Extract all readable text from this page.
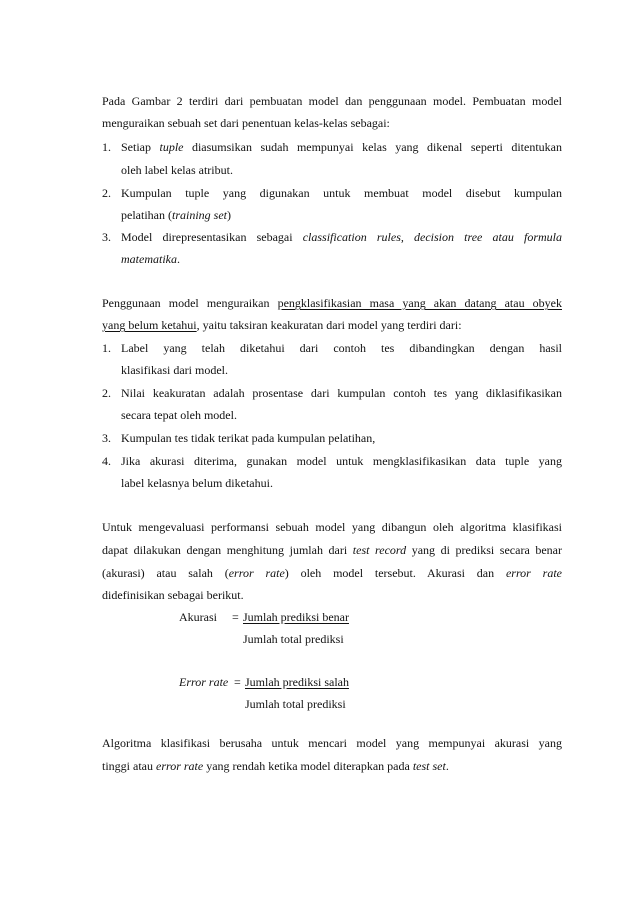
Pada Gambar 2 terdiri dari pembuatan model dan penggunaan model. Pembuatan model
menguraikan sebuah set dari penentuan kelas-kelas sebagai:
1. Setiap tuple diasumsikan sudah mempunyai kelas yang dikenal seperti ditentukan
oleh label kelas atribut.
2. Kumpulan tuple yang digunakan untuk membuat model disebut kumpulan
pelatihan (training set)
3. Model direpresentasikan sebagai classification rules, decision tree atau formula
matematika.
Penggunaan model menguraikan pengklasifikasian masa yang akan datang atau obyek
yang belum ketahui, yaitu taksiran keakuratan dari model yang terdiri dari:
1. Label yang telah diketahui dari contoh tes dibandingkan dengan hasil
klasifikasi dari model.
2. Nilai keakuratan adalah prosentase dari kumpulan contoh tes yang diklasifikasikan
secara tepat oleh model.
3. Kumpulan tes tidak terikat pada kumpulan pelatihan,
4. Jika akurasi diterima, gunakan model untuk mengklasifikasikan data tuple yang
label kelasnya belum diketahui.
Untuk mengevaluasi performansi sebuah model yang dibangun oleh algoritma klasifikasi
dapat dilakukan dengan menghitung jumlah dari test record yang di prediksi secara benar
(akurasi) atau salah (error rate) oleh model tersebut. Akurasi dan error rate
didefinisikan sebagai berikut.
Akurasi = Jumlah prediksi benar
Jumlah total prediksi
Error rate = Jumlah prediksi salah
Jumlah total prediksi
Algoritma klasifikasi berusaha untuk mencari model yang mempunyai akurasi yang
tinggi atau error rate yang rendah ketika model diterapkan pada test set.
